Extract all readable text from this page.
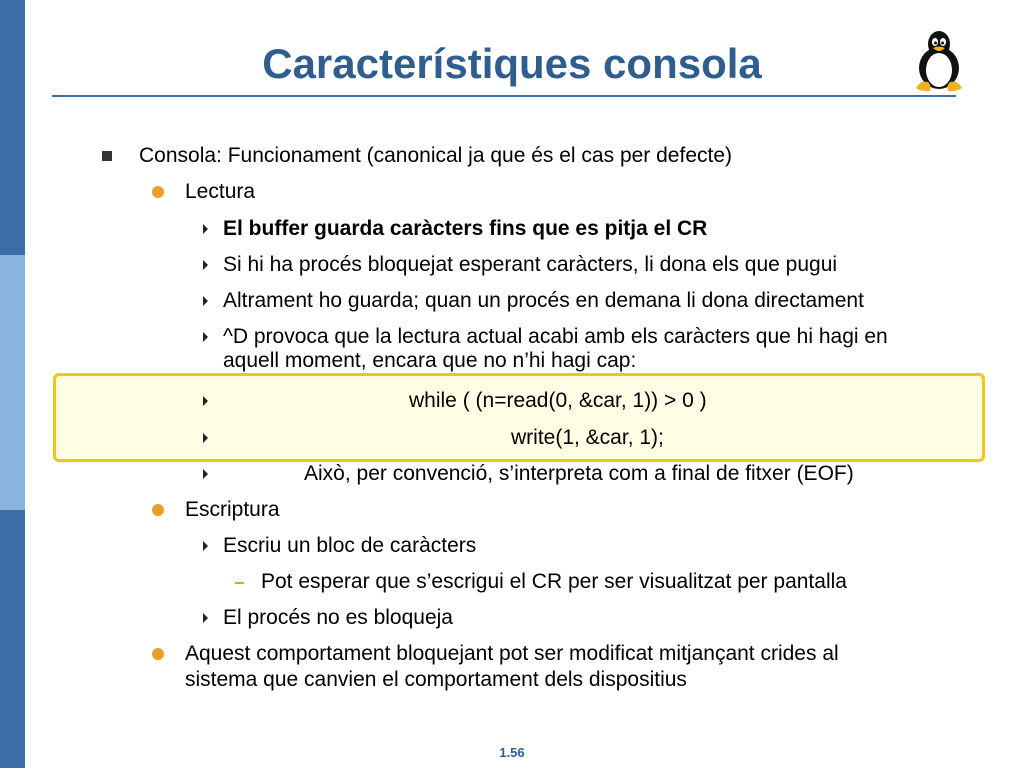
Característiques consola
Consola: Funcionament (canonical ja que és el cas per defecte)
Lectura
El buffer guarda caràcters fins que es pitja el CR
Si hi ha procés bloquejat esperant caràcters, li dona els que pugui
Altrament ho guarda; quan un procés en demana li dona directament
^D provoca que la lectura actual acabi amb els caràcters que hi hagi en
aquell moment, encara que no n’hi hagi cap:
while ( (n=read(0, &car, 1)) > 0 )
write(1, &car, 1);
Això, per convenció, s’interpreta com a final de fitxer (EOF)
Escriptura
Escriu un bloc de caràcters
Pot esperar que s’escrigui el CR per ser visualitzat per pantalla
El procés no es bloqueja
Aquest comportament bloquejant pot ser modificat mitjançant crides al
sistema que canvien el comportament dels dispositius
1.56
